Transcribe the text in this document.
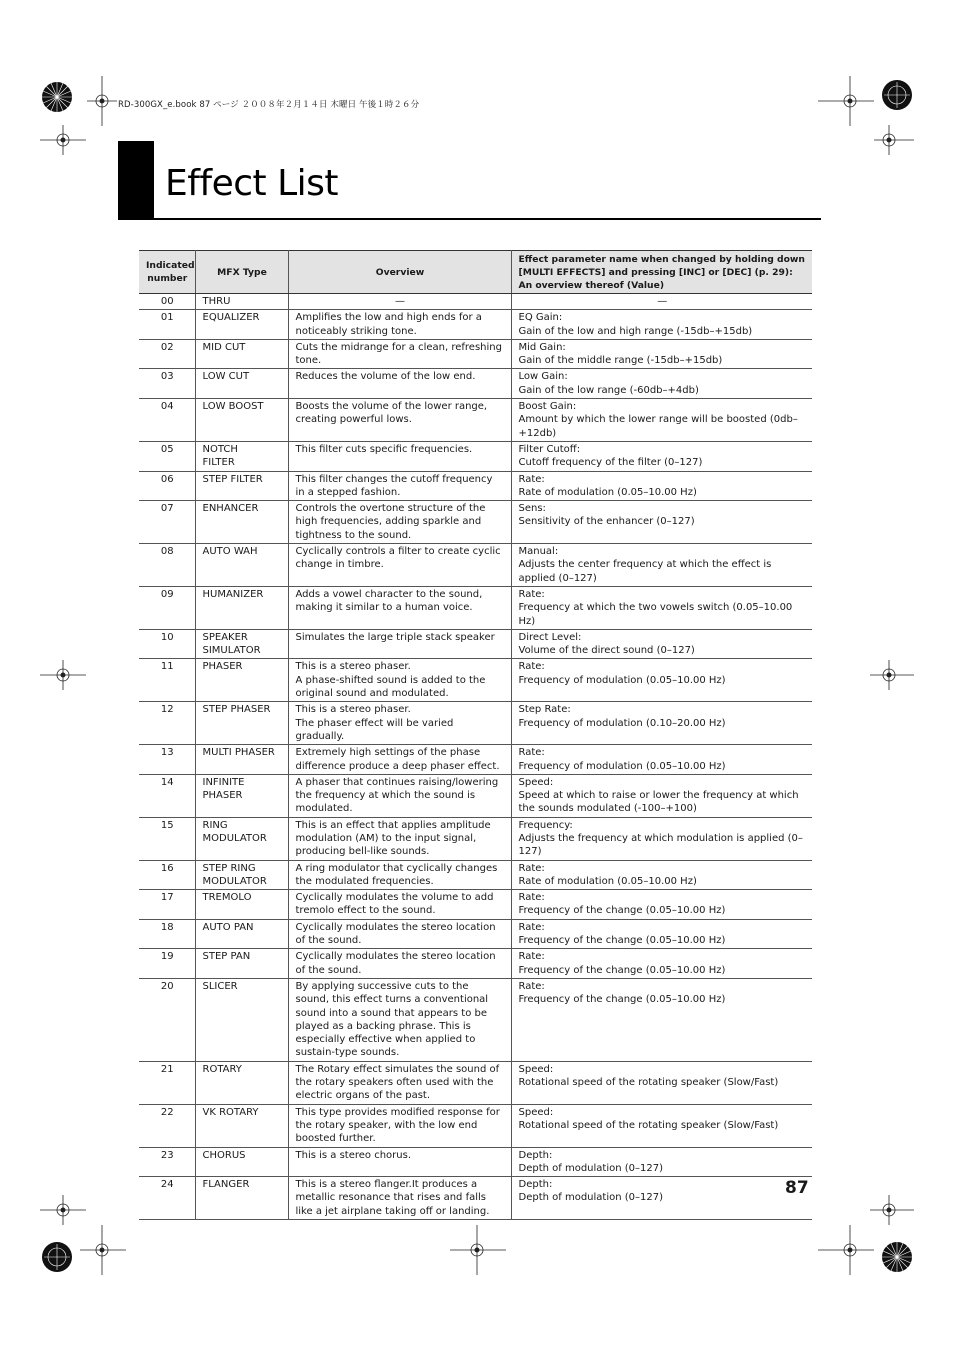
RD-300GX_e.book 87 ページ ２００８年２月１４日 木曜日 午後１時２６分
Effect List
Indicated number	MFX Type	Overview	Effect parameter name when changed by holding down
[MULTI EFFECTS] and pressing [INC] or [DEC] (p. 29):
An overview thereof (Value)

00	THRU	—	—
01	EQUALIZER	Amplifies the low and high ends for a noticeably striking tone.	EQ Gain:
Gain of the low and high range (-15db–+15db)
02	MID CUT	Cuts the midrange for a clean, refreshing tone.	Mid Gain:
Gain of the middle range (-15db–+15db)
03	LOW CUT	Reduces the volume of the low end.	Low Gain:
Gain of the low range (-60db–+4db)
04	LOW BOOST	Boosts the volume of the lower range, creating powerful lows.	Boost Gain:
Amount by which the lower range will be boosted (0db–+12db)
05	NOTCH
FILTER	This filter cuts specific frequencies.	Filter Cutoff:
Cutoff frequency of the filter (0–127)
06	STEP FILTER	This filter changes the cutoff frequency in a stepped fashion.	Rate:
Rate of modulation (0.05–10.00 Hz)
07	ENHANCER	Controls the overtone structure of the high frequencies, adding sparkle and tightness to the sound.	Sens:
Sensitivity of the enhancer (0–127)
08	AUTO WAH	Cyclically controls a filter to create cyclic change in timbre.	Manual:
Adjusts the center frequency at which the effect is applied (0–127)
09	HUMANIZER	Adds a vowel character to the sound, making it similar to a human voice.	Rate:
Frequency at which the two vowels switch (0.05–10.00 Hz)
10	SPEAKER
SIMULATOR	Simulates the large triple stack speaker	Direct Level:
Volume of the direct sound (0–127)
11	PHASER	This is a stereo phaser.
A phase-shifted sound is added to the original sound and modulated.	Rate:
Frequency of modulation (0.05–10.00 Hz)
12	STEP PHASER	This is a stereo phaser.
The phaser effect will be varied gradually.	Step Rate:
Frequency of modulation (0.10–20.00 Hz)
13	MULTI PHASER	Extremely high settings of the phase difference produce a deep phaser effect.	Rate:
Frequency of modulation (0.05–10.00 Hz)
14	INFINITE
PHASER	A phaser that continues raising/lowering the frequency at which the sound is modulated.	Speed:
Speed at which to raise or lower the frequency at which the sounds modulated (-100–+100)
15	RING
MODULATOR	This is an effect that applies amplitude modulation (AM) to the input signal, producing bell-like sounds.	Frequency:
Adjusts the frequency at which modulation is applied (0–127)
16	STEP RING
MODULATOR	A ring modulator that cyclically changes the modulated frequencies.	Rate:
Rate of modulation (0.05–10.00 Hz)
17	TREMOLO	Cyclically modulates the volume to add tremolo effect to the sound.	Rate:
Frequency of the change (0.05–10.00 Hz)
18	AUTO PAN	Cyclically modulates the stereo location of the sound.	Rate:
Frequency of the change (0.05–10.00 Hz)
19	STEP PAN	Cyclically modulates the stereo location of the sound.	Rate:
Frequency of the change (0.05–10.00 Hz)
20	SLICER	By applying successive cuts to the sound, this effect turns a conventional sound into a sound that appears to be played as a backing phrase. This is especially effective when applied to sustain-type sounds.	Rate:
Frequency of the change (0.05–10.00 Hz)
21	ROTARY	The Rotary effect simulates the sound of the rotary speakers often used with the electric organs of the past.	Speed:
Rotational speed of the rotating speaker (Slow/Fast)
22	VK ROTARY	This type provides modified response for the rotary speaker, with the low end boosted further.	Speed:
Rotational speed of the rotating speaker (Slow/Fast)
23	CHORUS	This is a stereo chorus.	Depth:
Depth of modulation (0–127)
24	FLANGER	This is a stereo flanger.It produces a metallic resonance that rises and falls like a jet airplane taking off or landing.	Depth:
Depth of modulation (0–127)	87
